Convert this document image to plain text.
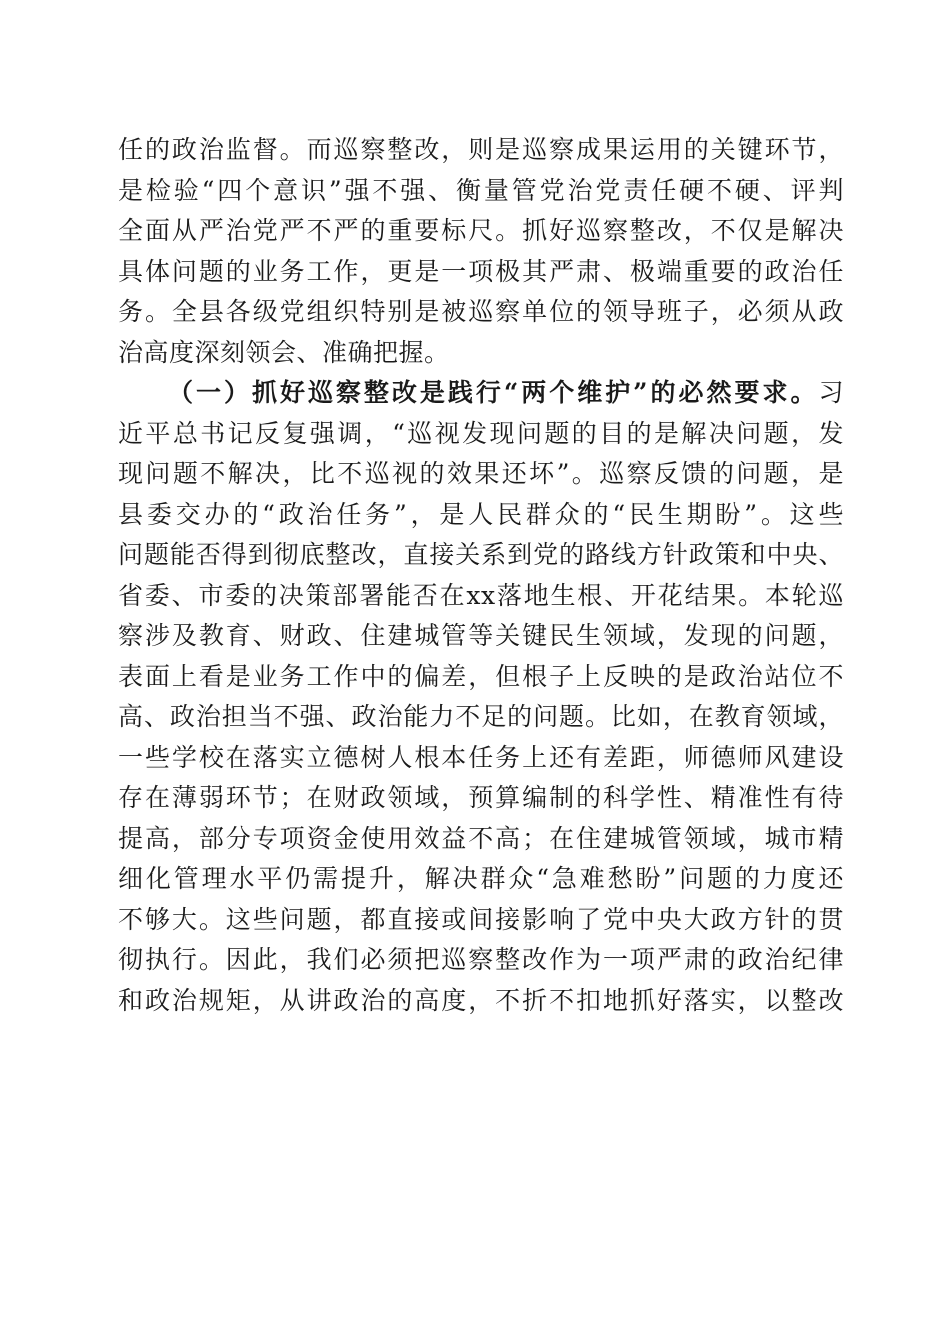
任的政治监督。而巡察整改，则是巡察成果运用的关键环节，
是检验“四个意识”强不强、衡量管党治党责任硬不硬、评判
全面从严治党严不严的重要标尺。抓好巡察整改，不仅是解决
具体问题的业务工作，更是一项极其严肃、极端重要的政治任
务。全县各级党组织特别是被巡察单位的领导班子，必须从政
治高度深刻领会、准确把握。
（一）抓好巡察整改是践行“两个维护”的必然要求。习
近平总书记反复强调，“巡视发现问题的目的是解决问题，发
现问题不解决，比不巡视的效果还坏”。巡察反馈的问题，是
县委交办的“政治任务”，是人民群众的“民生期盼”。这些
问题能否得到彻底整改，直接关系到党的路线方针政策和中央、
省委、市委的决策部署能否在xx落地生根、开花结果。本轮巡
察涉及教育、财政、住建城管等关键民生领域，发现的问题，
表面上看是业务工作中的偏差，但根子上反映的是政治站位不
高、政治担当不强、政治能力不足的问题。比如，在教育领域，
一些学校在落实立德树人根本任务上还有差距，师德师风建设
存在薄弱环节；在财政领域，预算编制的科学性、精准性有待
提高，部分专项资金使用效益不高；在住建城管领域，城市精
细化管理水平仍需提升，解决群众“急难愁盼”问题的力度还
不够大。这些问题，都直接或间接影响了党中央大政方针的贯
彻执行。因此，我们必须把巡察整改作为一项严肃的政治纪律
和政治规矩，从讲政治的高度，不折不扣地抓好落实，以整改
